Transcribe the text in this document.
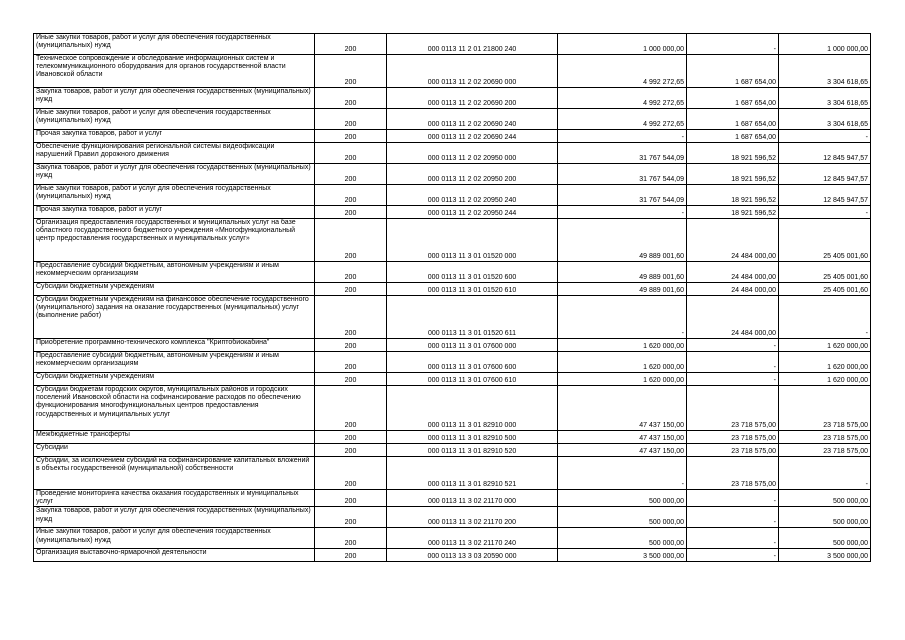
Иные закупки товаров, работ и услуг для обеспечения государственных (муниципальных) нужд	200	000 0113 11 2 01 21800 240	1 000 000,00	-	1 000 000,00
Техническое сопровождение и обследование информационных систем и телекоммуникационного оборудования для органов государственной власти Ивановской области	200	000 0113 11 2 02 20690 000	4 992 272,65	1 687 654,00	3 304 618,65
Закупка товаров, работ и услуг для обеспечения государственных (муниципальных) нужд	200	000 0113 11 2 02 20690 200	4 992 272,65	1 687 654,00	3 304 618,65
Иные закупки товаров, работ и услуг для обеспечения государственных (муниципальных) нужд	200	000 0113 11 2 02 20690 240	4 992 272,65	1 687 654,00	3 304 618,65
Прочая закупка товаров, работ и услуг	200	000 0113 11 2 02 20690 244	-	1 687 654,00	-
Обеспечение функционирования региональной системы видеофиксации нарушений Правил дорожного движения	200	000 0113 11 2 02 20950 000	31 767 544,09	18 921 596,52	12 845 947,57
Закупка товаров, работ и услуг для обеспечения государственных (муниципальных) нужд	200	000 0113 11 2 02 20950 200	31 767 544,09	18 921 596,52	12 845 947,57
Иные закупки товаров, работ и услуг для обеспечения государственных (муниципальных) нужд	200	000 0113 11 2 02 20950 240	31 767 544,09	18 921 596,52	12 845 947,57
Прочая закупка товаров, работ и услуг	200	000 0113 11 2 02 20950 244	-	18 921 596,52	-
Организация предоставления государственных и муниципальных услуг на базе областного государственного бюджетного учреждения «Многофункциональный центр предоставления государственных и муниципальных услуг»	200	000 0113 11 3 01 01520 000	49 889 001,60	24 484 000,00	25 405 001,60
Предоставление субсидий бюджетным, автономным учреждениям и иным некоммерческим организациям	200	000 0113 11 3 01 01520 600	49 889 001,60	24 484 000,00	25 405 001,60
Субсидии бюджетным учреждениям	200	000 0113 11 3 01 01520 610	49 889 001,60	24 484 000,00	25 405 001,60
Субсидии бюджетным учреждениям на финансовое обеспечение государственного (муниципального) задания на оказание государственных (муниципальных) услуг (выполнение работ)	200	000 0113 11 3 01 01520 611	-	24 484 000,00	-
Приобретение программно-технического комплекса "Криптобиокабина"	200	000 0113 11 3 01 07600 000	1 620 000,00	-	1 620 000,00
Предоставление субсидий бюджетным, автономным учреждениям и иным некоммерческим организациям	200	000 0113 11 3 01 07600 600	1 620 000,00	-	1 620 000,00
Субсидии бюджетным учреждениям	200	000 0113 11 3 01 07600 610	1 620 000,00	-	1 620 000,00
Субсидии бюджетам городских округов, муниципальных районов и городских поселений Ивановской области на софинансирование расходов по обеспечению функционирования многофункциональных центров предоставления государственных и муниципальных услуг	200	000 0113 11 3 01 82910 000	47 437 150,00	23 718 575,00	23 718 575,00
Межбюджетные трансферты	200	000 0113 11 3 01 82910 500	47 437 150,00	23 718 575,00	23 718 575,00
Субсидии	200	000 0113 11 3 01 82910 520	47 437 150,00	23 718 575,00	23 718 575,00
Субсидии, за исключением субсидий на софинансирование капитальных вложений в объекты государственной (муниципальной) собственности	200	000 0113 11 3 01 82910 521	-	23 718 575,00	-
Проведение мониторинга качества оказания государственных и муниципальных услуг	200	000 0113 11 3 02 21170 000	500 000,00	-	500 000,00
Закупка товаров, работ и услуг для обеспечения государственных (муниципальных) нужд	200	000 0113 11 3 02 21170 200	500 000,00	-	500 000,00
Иные закупки товаров, работ и услуг для обеспечения государственных (муниципальных) нужд	200	000 0113 11 3 02 21170 240	500 000,00	-	500 000,00
Организация выставочно-ярмарочной деятельности	200	000 0113 13 3 03 20590 000	3 500 000,00	-	3 500 000,00
